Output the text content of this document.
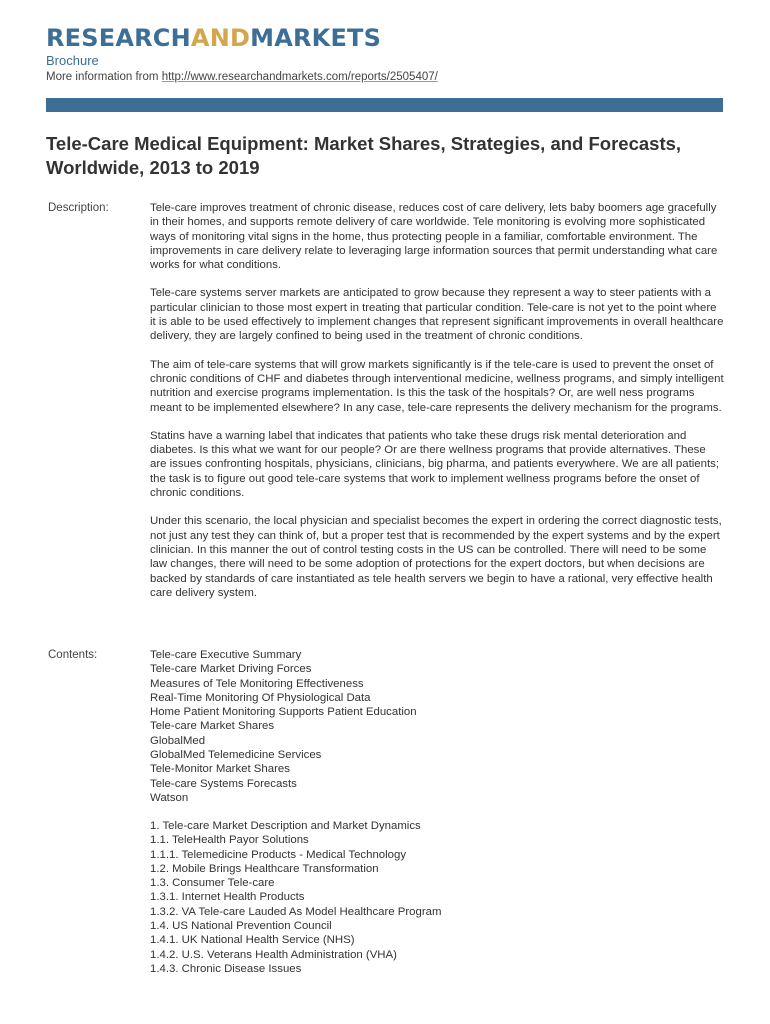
RESEARCHANDMARKETS
Brochure
More information from http://www.researchandmarkets.com/reports/2505407/
Tele-Care Medical Equipment: Market Shares, Strategies, and Forecasts, Worldwide, 2013 to 2019
Description:	Tele-care improves treatment of chronic disease, reduces cost of care delivery, lets baby boomers age gracefully in their homes, and supports remote delivery of care worldwide. Tele monitoring is evolving more sophisticated ways of monitoring vital signs in the home, thus protecting people in a familiar, comfortable environment. The improvements in care delivery relate to leveraging large information sources that permit understanding what care works for what conditions.

Tele-care systems server markets are anticipated to grow because they represent a way to steer patients with a particular clinician to those most expert in treating that particular condition. Tele-care is not yet to the point where it is able to be used effectively to implement changes that represent significant improvements in overall healthcare delivery, they are largely confined to being used in the treatment of chronic conditions.

The aim of tele-care systems that will grow markets significantly is if the tele-care is used to prevent the onset of chronic conditions of CHF and diabetes through interventional medicine, wellness programs, and simply intelligent nutrition and exercise programs implementation. Is this the task of the hospitals? Or, are well ness programs meant to be implemented elsewhere? In any case, tele-care represents the delivery mechanism for the programs.

Statins have a warning label that indicates that patients who take these drugs risk mental deterioration and diabetes. Is this what we want for our people? Or are there wellness programs that provide alternatives. These are issues confronting hospitals, physicians, clinicians, big pharma, and patients everywhere. We are all patients; the task is to figure out good tele-care systems that work to implement wellness programs before the onset of chronic conditions.

Under this scenario, the local physician and specialist becomes the expert in ordering the correct diagnostic tests, not just any test they can think of, but a proper test that is recommended by the expert systems and by the expert clinician. In this manner the out of control testing costs in the US can be controlled. There will need to be some law changes, there will need to be some adoption of protections for the expert doctors, but when decisions are backed by standards of care instantiated as tele health servers we begin to have a rational, very effective health care delivery system.

Contents:	Tele-care Executive Summary
Tele-care Market Driving Forces
Measures of Tele Monitoring Effectiveness
Real-Time Monitoring Of Physiological Data
Home Patient Monitoring Supports Patient Education
Tele-care Market Shares
GlobalMed
GlobalMed Telemedicine Services
Tele-Monitor Market Shares
Tele-care Systems Forecasts
Watson
1. Tele-care Market Description and Market Dynamics
1.1. TeleHealth Payor Solutions
1.1.1. Telemedicine Products - Medical Technology
1.2. Mobile Brings Healthcare Transformation
1.3. Consumer Tele-care
1.3.1. Internet Health Products
1.3.2. VA Tele-care Lauded As Model Healthcare Program
1.4. US National Prevention Council
1.4.1. UK National Health Service (NHS)
1.4.2. U.S. Veterans Health Administration (VHA)
1.4.3. Chronic Disease Issues
